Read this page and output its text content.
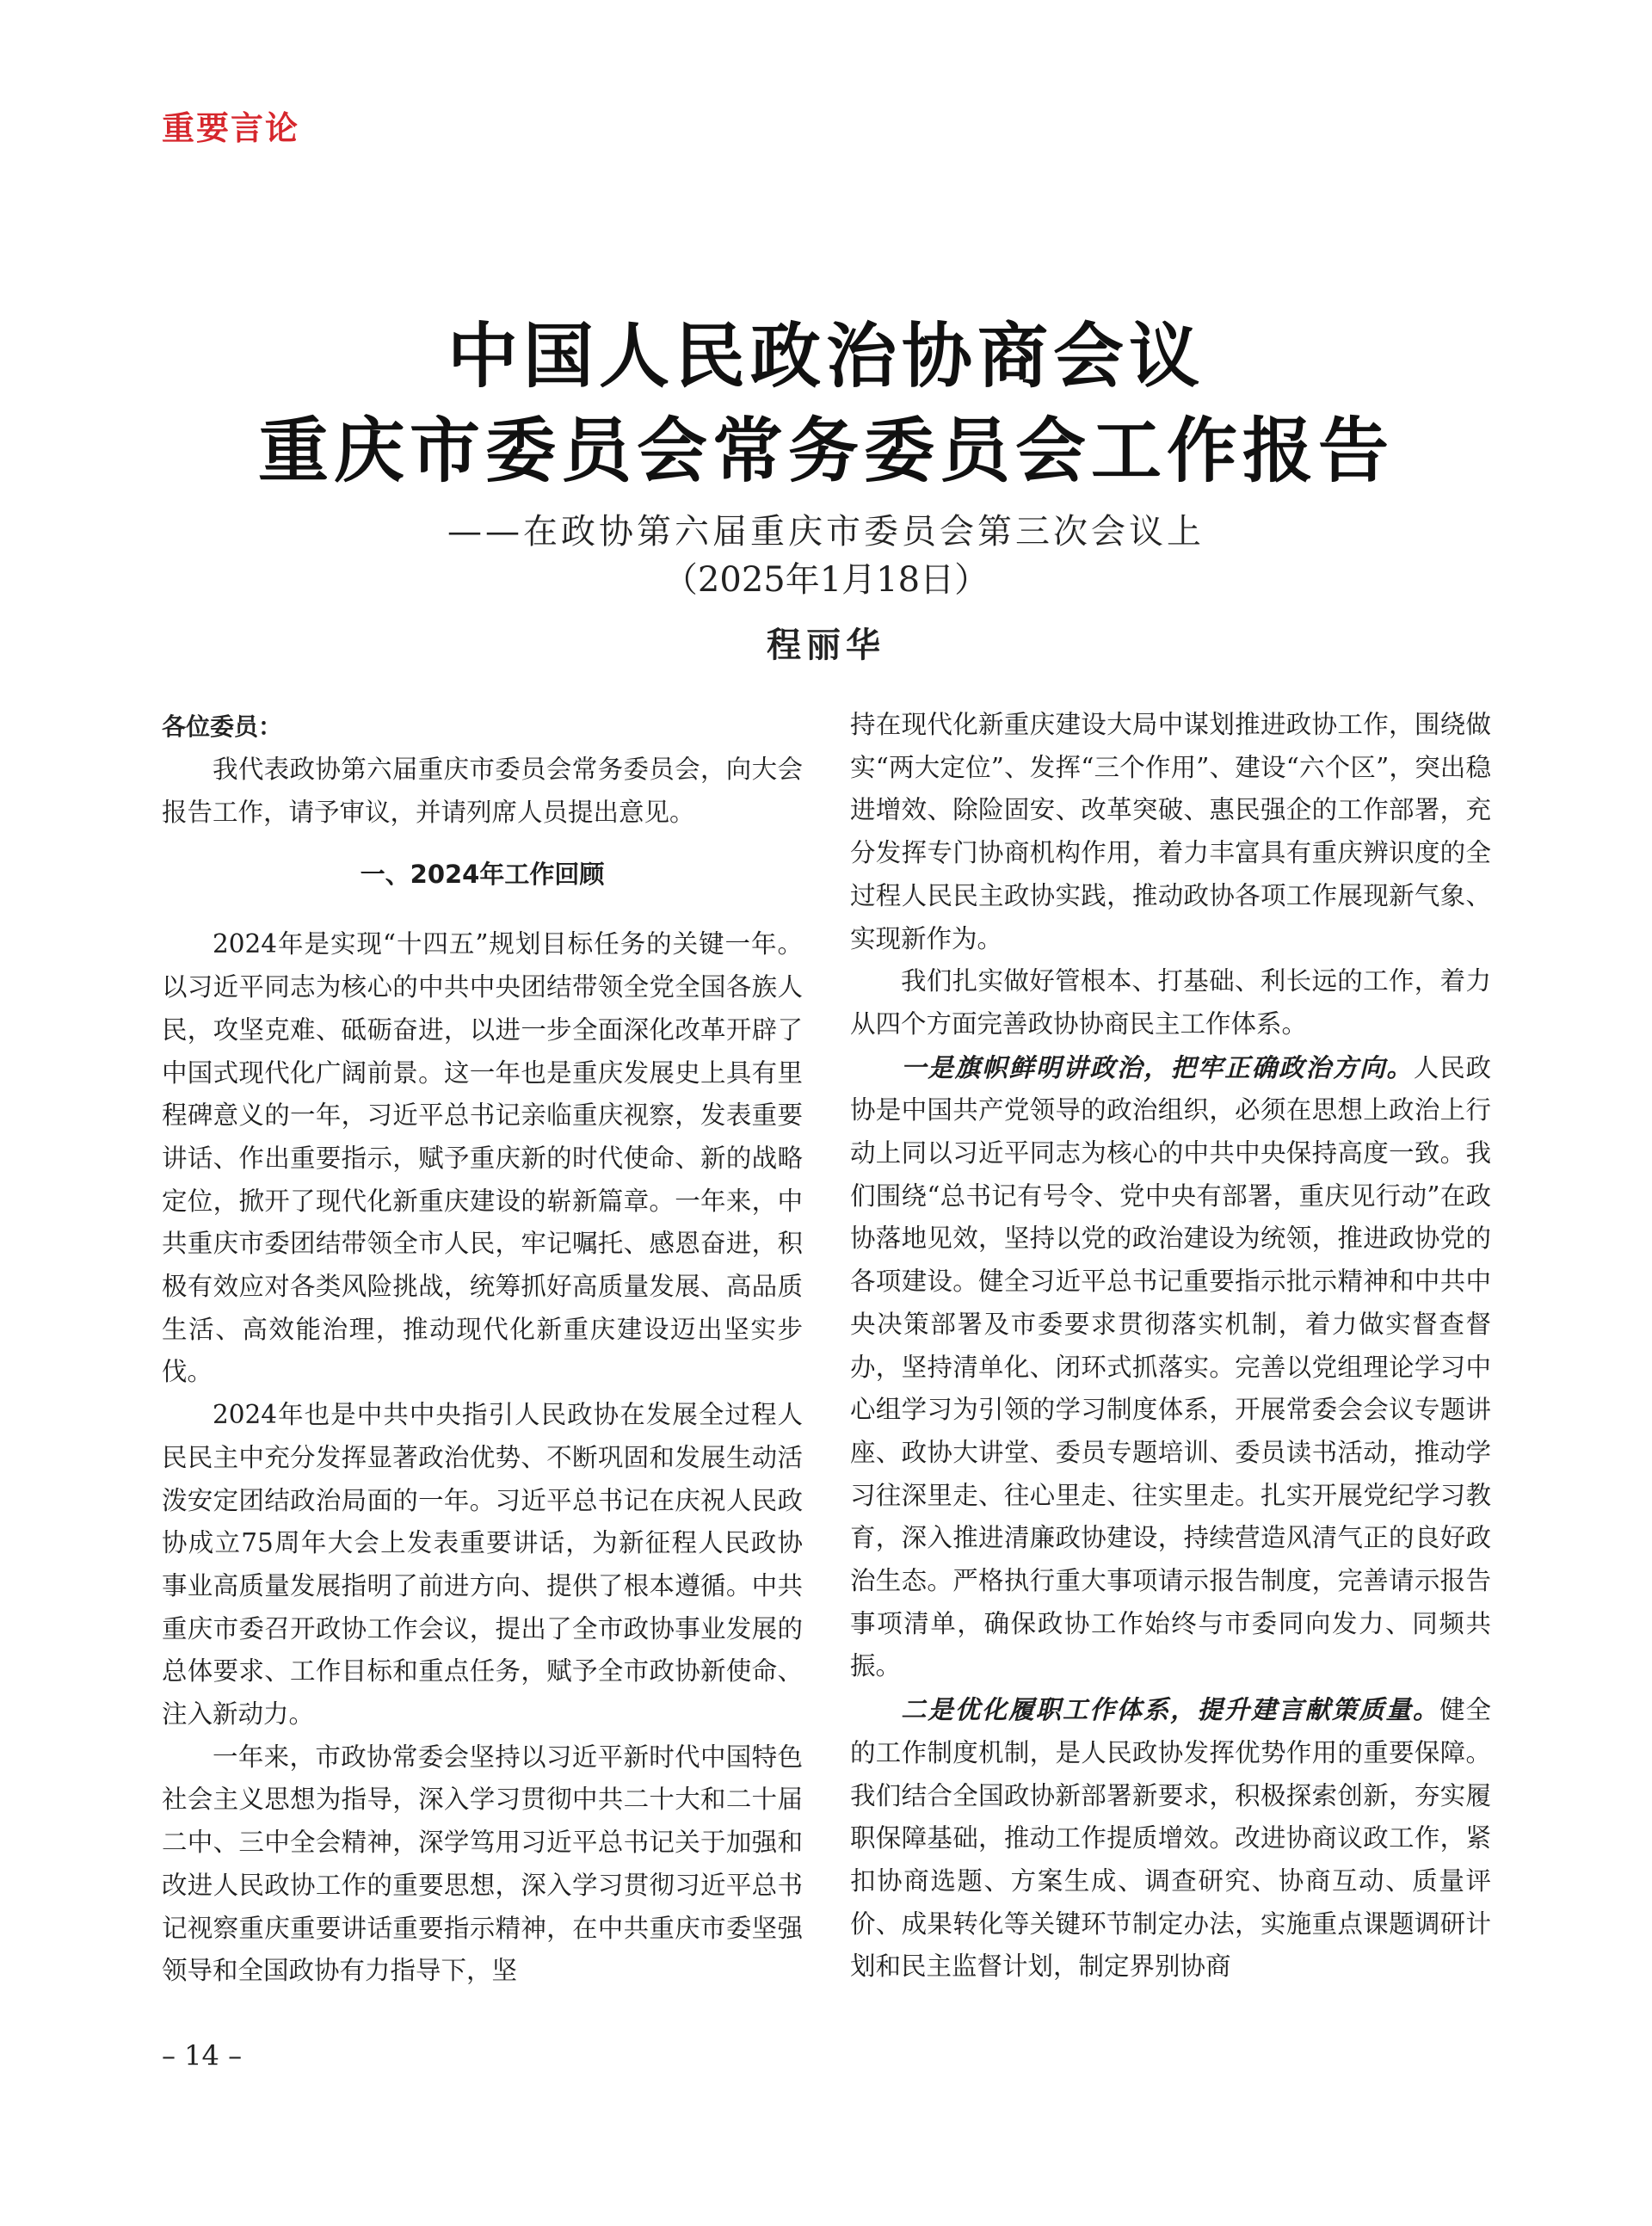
重要言论
中国人民政治协商会议
重庆市委员会常务委员会工作报告
——在政协第六届重庆市委员会第三次会议上
（2025年1月18日）
程丽华

各位委员：

我代表政协第六届重庆市委员会常务委员会，向大会报告工作，请予审议，并请列席人员提出意见。

一、2024年工作回顾

2024年是实现“十四五”规划目标任务的关键一年。以习近平同志为核心的中共中央团结带领全党全国各族人民，攻坚克难、砥砺奋进，以进一步全面深化改革开辟了中国式现代化广阔前景。这一年也是重庆发展史上具有里程碑意义的一年，习近平总书记亲临重庆视察，发表重要讲话、作出重要指示，赋予重庆新的时代使命、新的战略定位，掀开了现代化新重庆建设的崭新篇章。一年来，中共重庆市委团结带领全市人民，牢记嘱托、感恩奋进，积极有效应对各类风险挑战，统筹抓好高质量发展、高品质生活、高效能治理，推动现代化新重庆建设迈出坚实步伐。

2024年也是中共中央指引人民政协在发展全过程人民民主中充分发挥显著政治优势、不断巩固和发展生动活泼安定团结政治局面的一年。习近平总书记在庆祝人民政协成立75周年大会上发表重要讲话，为新征程人民政协事业高质量发展指明了前进方向、提供了根本遵循。中共重庆市委召开政协工作会议，提出了全市政协事业发展的总体要求、工作目标和重点任务，赋予全市政协新使命、注入新动力。

一年来，市政协常委会坚持以习近平新时代中国特色社会主义思想为指导，深入学习贯彻中共二十大和二十届二中、三中全会精神，深学笃用习近平总书记关于加强和改进人民政协工作的重要思想，深入学习贯彻习近平总书记视察重庆重要讲话重要指示精神，在中共重庆市委坚强领导和全国政协有力指导下，坚

持在现代化新重庆建设大局中谋划推进政协工作，围绕做实“两大定位”、发挥“三个作用”、建设“六个区”，突出稳进增效、除险固安、改革突破、惠民强企的工作部署，充分发挥专门协商机构作用，着力丰富具有重庆辨识度的全过程人民民主政协实践，推动政协各项工作展现新气象、实现新作为。

我们扎实做好管根本、打基础、利长远的工作，着力从四个方面完善政协协商民主工作体系。

一是旗帜鲜明讲政治，把牢正确政治方向。人民政协是中国共产党领导的政治组织，必须在思想上政治上行动上同以习近平同志为核心的中共中央保持高度一致。我们围绕“总书记有号令、党中央有部署，重庆见行动”在政协落地见效，坚持以党的政治建设为统领，推进政协党的各项建设。健全习近平总书记重要指示批示精神和中共中央决策部署及市委要求贯彻落实机制，着力做实督查督办，坚持清单化、闭环式抓落实。完善以党组理论学习中心组学习为引领的学习制度体系，开展常委会会议专题讲座、政协大讲堂、委员专题培训、委员读书活动，推动学习往深里走、往心里走、往实里走。扎实开展党纪学习教育，深入推进清廉政协建设，持续营造风清气正的良好政治生态。严格执行重大事项请示报告制度，完善请示报告事项清单，确保政协工作始终与市委同向发力、同频共振。

二是优化履职工作体系，提升建言献策质量。健全的工作制度机制，是人民政协发挥优势作用的重要保障。我们结合全国政协新部署新要求，积极探索创新，夯实履职保障基础，推动工作提质增效。改进协商议政工作，紧扣协商选题、方案生成、调查研究、协商互动、质量评价、成果转化等关键环节制定办法，实施重点课题调研计划和民主监督计划，制定界别协商

– 14 –
